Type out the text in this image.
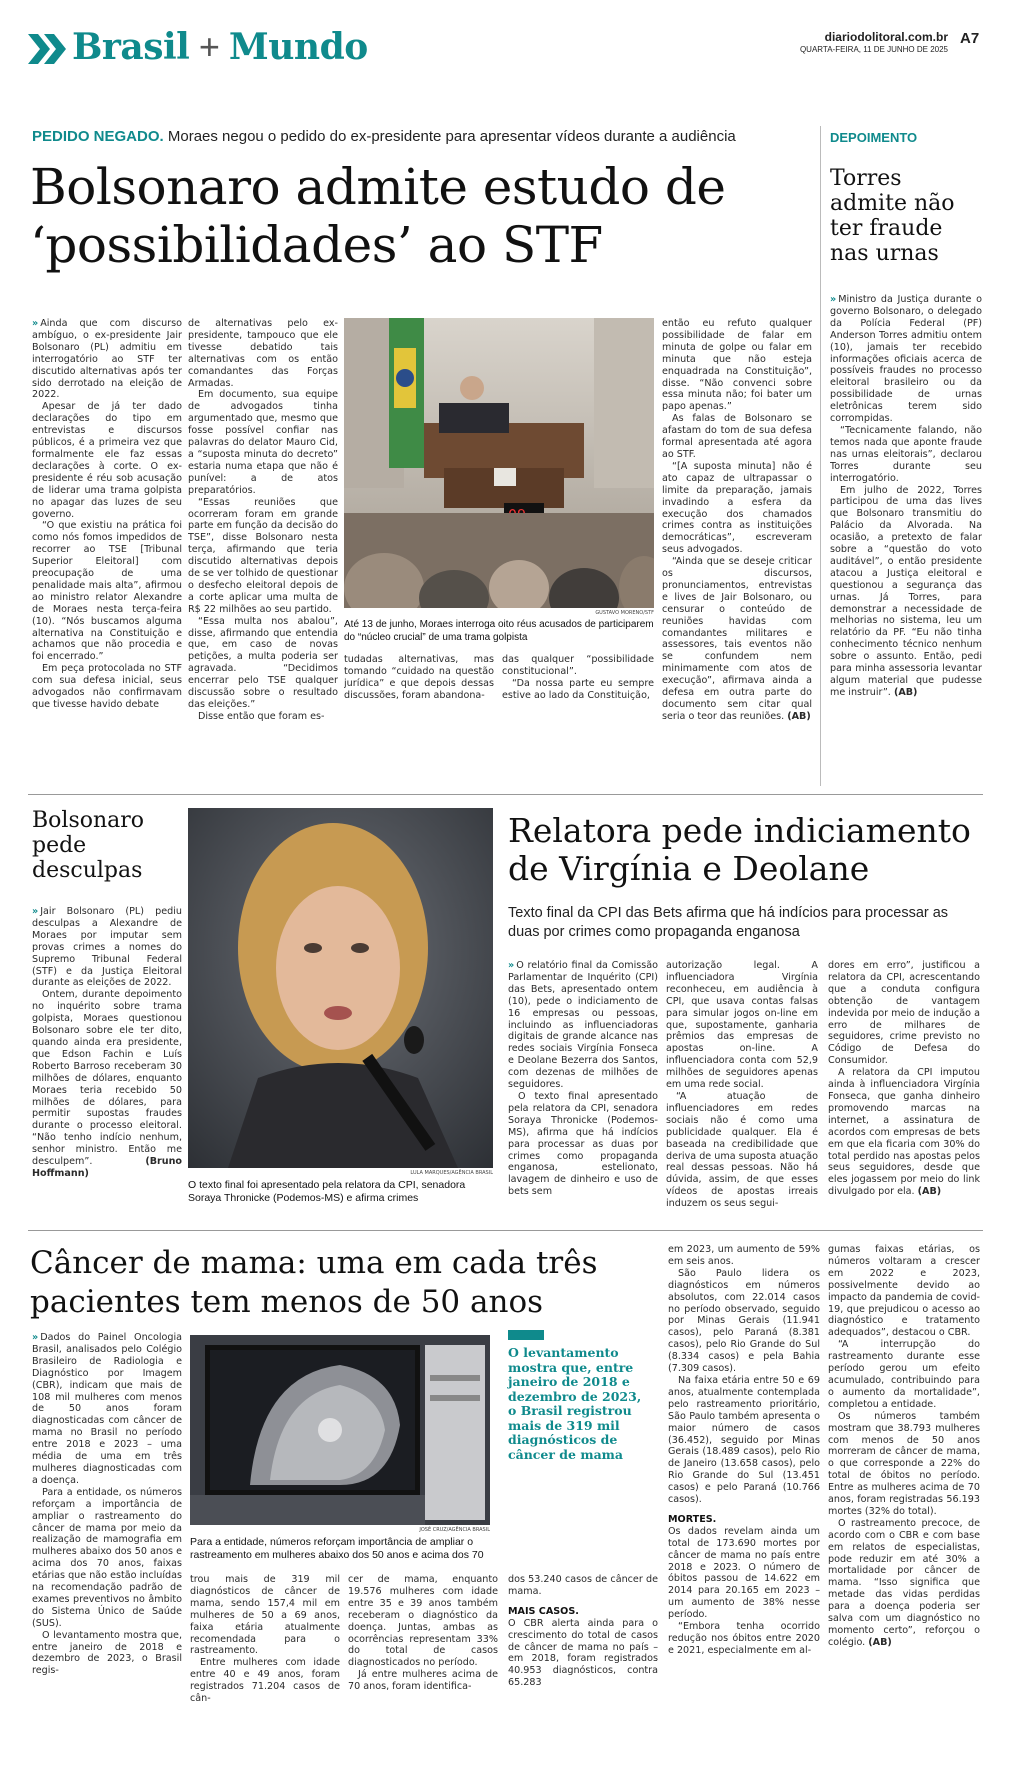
Brasil + Mundo	diariodolitoral.com.br
QUARTA-FEIRA, 11 DE JUNHO DE 2025
A7
PEDIDO NEGADO. Moraes negou o pedido do ex-presidente para apresentar vídeos durante a audiência
Bolsonaro admite estudo de
‘possibilidades’ ao STF

» Ainda que com discurso ambíguo, o ex-presidente Jair Bolsonaro (PL) admitiu em interrogatório ao STF ter discutido alternativas após ter sido derrotado na eleição de 2022.

Apesar de já ter dado declarações do tipo em entrevistas e discursos públicos, é a primeira vez que formalmente ele faz essas declarações à corte. O ex-presidente é réu sob acusação de liderar uma trama golpista no apagar das luzes de seu governo.

“O que existiu na prática foi como nós fomos impedidos de recorrer ao TSE [Tribunal Superior Eleitoral] com preocupação de uma penalidade mais alta”, afirmou ao ministro relator Alexandre de Moraes nesta terça-feira (10). “Nós buscamos alguma alternativa na Constituição e achamos que não procedia e foi encerrado.”

Em peça protocolada no STF com sua defesa inicial, seus advogados não confirmavam que tivesse havido debate

de alternativas pelo ex-presidente, tampouco que ele tivesse debatido tais alternativas com os então comandantes das Forças Armadas.

Em documento, sua equipe de advogados tinha argumentado que, mesmo que fosse possível confiar nas palavras do delator Mauro Cid, a “suposta minuta do decreto” estaria numa etapa que não é punível: a de atos preparatórios.

“Essas reuniões que ocorreram foram em grande parte em função da decisão do TSE”, disse Bolsonaro nesta terça, afirmando que teria discutido alternativas depois de se ver tolhido de questionar o desfecho eleitoral depois de a corte aplicar uma multa de R$ 22 milhões ao seu partido.

“Essa multa nos abalou”, disse, afirmando que entendia que, em caso de novas petições, a multa poderia ser agravada. “Decidimos encerrar pelo TSE qualquer discussão sobre o resultado das eleições.”

Disse então que foram es-

GUSTAVO MORENO/STF
Até 13 de junho, Moraes interroga oito réus acusados de participarem do “núcleo crucial” de uma trama golpista

tudadas alternativas, mas tomando “cuidado na questão jurídica” e que depois dessas discussões, foram abandona-

das qualquer “possibilidade constitucional”.

“Da nossa parte eu sempre estive ao lado da Constituição,

então eu refuto qualquer possibilidade de falar em minuta de golpe ou falar em minuta que não esteja enquadrada na Constituição”, disse. “Não convenci sobre essa minuta não; foi bater um papo apenas.”

As falas de Bolsonaro se afastam do tom de sua defesa formal apresentada até agora ao STF.

“[A suposta minuta] não é ato capaz de ultrapassar o limite da preparação, jamais invadindo a esfera da execução dos chamados crimes contra as instituições democráticas”, escreveram seus advogados.

“Ainda que se deseje criticar os discursos, pronunciamentos, entrevistas e lives de Jair Bolsonaro, ou censurar o conteúdo de reuniões havidas com comandantes militares e assessores, tais eventos não se confundem nem minimamente com atos de execução”, afirmava ainda a defesa em outra parte do documento sem citar qual seria o teor das reuniões. (AB)

DEPOIMENTO
Torres admite não ter fraude nas urnas

» Ministro da Justiça durante o governo Bolsonaro, o delegado da Polícia Federal (PF) Anderson Torres admitiu ontem (10), jamais ter recebido informações oficiais acerca de possíveis fraudes no processo eleitoral brasileiro ou da possibilidade de urnas eletrônicas terem sido corrompidas.

“Tecnicamente falando, não temos nada que aponte fraude nas urnas eleitorais”, declarou Torres durante seu interrogatório.

Em julho de 2022, Torres participou de uma das lives que Bolsonaro transmitiu do Palácio da Alvorada. Na ocasião, a pretexto de falar sobre a “questão do voto auditável”, o então presidente atacou a Justiça eleitoral e questionou a segurança das urnas. Já Torres, para demonstrar a necessidade de melhorias no sistema, leu um relatório da PF. “Eu não tinha conhecimento técnico nenhum sobre o assunto. Então, pedi para minha assessoria levantar algum material que pudesse me instruir”. (AB)

Bolsonaro pede desculpas

» Jair Bolsonaro (PL) pediu desculpas a Alexandre de Moraes por imputar sem provas crimes a nomes do Supremo Tribunal Federal (STF) e da Justiça Eleitoral durante as eleições de 2022.

Ontem, durante depoimento no inquérito sobre trama golpista, Moraes questionou Bolsonaro sobre ele ter dito, quando ainda era presidente, que Edson Fachin e Luís Roberto Barroso receberam 30 milhões de dólares, enquanto Moraes teria recebido 50 milhões de dólares, para permitir supostas fraudes durante o processo eleitoral. “Não tenho indício nenhum, senhor ministro. Então me desculpem”.	(Bruno Hoffmann)	LULA MARQUES/AGÊNCIA BRASIL
O texto final foi apresentado pela relatora da CPI, senadora Soraya Thronicke (Podemos-MS) e afirma crimes
Relatora pede indiciamento
de Virgínia e Deolane
Texto final da CPI das Bets afirma que há indícios para processar as duas por crimes como propaganda enganosa

» O relatório final da Comissão Parlamentar de Inquérito (CPI) das Bets, apresentado ontem (10), pede o indiciamento de 16 empresas ou pessoas, incluindo as influenciadoras digitais de grande alcance nas redes sociais Virgínia Fonseca e Deolane Bezerra dos Santos, com dezenas de milhões de seguidores.

O texto final apresentado pela relatora da CPI, senadora Soraya Thronicke (Podemos-MS), afirma que há indícios para processar as duas por crimes como propaganda enganosa, estelionato, lavagem de dinheiro e uso de bets sem

autorização legal. A influenciadora Virgínia reconheceu, em audiência à CPI, que usava contas falsas para simular jogos on-line em que, supostamente, ganharia prêmios das empresas de apostas on-line. A influenciadora conta com 52,9 milhões de seguidores apenas em uma rede social.

“A atuação de influenciadores em redes sociais não é como uma publicidade qualquer. Ela é baseada na credibilidade que deriva de uma suposta atuação real dessas pessoas. Não há dúvida, assim, de que esses vídeos de apostas irreais induzem os seus segui-

dores em erro”, justificou a relatora da CPI, acrescentando que a conduta configura obtenção de vantagem indevida por meio de indução a erro de milhares de seguidores, crime previsto no Código de Defesa do Consumidor.

A relatora da CPI imputou ainda à influenciadora Virgínia Fonseca, que ganha dinheiro promovendo marcas na internet, a assinatura de acordos com empresas de bets em que ela ficaria com 30% do total perdido nas apostas pelos seus seguidores, desde que eles jogassem por meio do link divulgado por ela. (AB)

Câncer de mama: uma em cada três
pacientes tem menos de 50 anos

» Dados do Painel Oncologia Brasil, analisados pelo Colégio Brasileiro de Radiologia e Diagnóstico por Imagem (CBR), indicam que mais de 108 mil mulheres com menos de 50 anos foram diagnosticadas com câncer de mama no Brasil no período entre 2018 e 2023 – uma média de uma em três mulheres diagnosticadas com a doença.

Para a entidade, os números reforçam a importância de ampliar o rastreamento do câncer de mama por meio da realização de mamografia em mulheres abaixo dos 50 anos e acima dos 70 anos, faixas etárias que não estão incluídas na recomendação padrão de exames preventivos no âmbito do Sistema Único de Saúde (SUS).

O levantamento mostra que, entre janeiro de 2018 e dezembro de 2023, o Brasil regis-

JOSÉ CRUZ/AGÊNCIA BRASIL
Para a entidade, números reforçam importância de ampliar o rastreamento em mulheres abaixo dos 50 anos e acima dos 70
O levantamento mostra que, entre janeiro de 2018 e dezembro de 2023, o Brasil registrou mais de 319 mil diagnósticos de câncer de mama

trou mais de 319 mil diagnósticos de câncer de mama, sendo 157,4 mil em mulheres de 50 a 69 anos, faixa etária atualmente recomendada para o rastreamento.

Entre mulheres com idade entre 40 e 49 anos, foram registrados 71.204 casos de cân-

cer de mama, enquanto 19.576 mulheres com idade entre 35 e 39 anos também receberam o diagnóstico da doença. Juntas, ambas as ocorrências representam 33% do total de casos diagnosticados no período.

Já entre mulheres acima de 70 anos, foram identifica-

dos 53.240 casos de câncer de mama.

MAIS CASOS.

O CBR alerta ainda para o crescimento do total de casos de câncer de mama no país – em 2018, foram registrados 40.953 diagnósticos, contra 65.283

em 2023, um aumento de 59% em seis anos.

São Paulo lidera os diagnósticos em números absolutos, com 22.014 casos no período observado, seguido por Minas Gerais (11.941 casos), pelo Paraná (8.381 casos), pelo Rio Grande do Sul (8.334 casos) e pela Bahia (7.309 casos).

Na faixa etária entre 50 e 69 anos, atualmente contemplada pelo rastreamento prioritário, São Paulo também apresenta o maior número de casos (36.452), seguido por Minas Gerais (18.489 casos), pelo Rio de Janeiro (13.658 casos), pelo Rio Grande do Sul (13.451 casos) e pelo Paraná (10.766 casos).

MORTES.

Os dados revelam ainda um total de 173.690 mortes por câncer de mama no país entre 2018 e 2023. O número de óbitos passou de 14.622 em 2014 para 20.165 em 2023 – um aumento de 38% nesse período.

“Embora tenha ocorrido redução nos óbitos entre 2020 e 2021, especialmente em al-

gumas faixas etárias, os números voltaram a crescer em 2022 e 2023, possivelmente devido ao impacto da pandemia de covid-19, que prejudicou o acesso ao diagnóstico e tratamento adequados”, destacou o CBR.

“A interrupção do rastreamento durante esse período gerou um efeito acumulado, contribuindo para o aumento da mortalidade”, completou a entidade.

Os números também mostram que 38.793 mulheres com menos de 50 anos morreram de câncer de mama, o que corresponde a 22% do total de óbitos no período. Entre as mulheres acima de 70 anos, foram registradas 56.193 mortes (32% do total).

O rastreamento precoce, de acordo com o CBR e com base em relatos de especialistas, pode reduzir em até 30% a mortalidade por câncer de mama. “Isso significa que metade das vidas perdidas para a doença poderia ser salva com um diagnóstico no momento certo”, reforçou o colégio. (AB)
